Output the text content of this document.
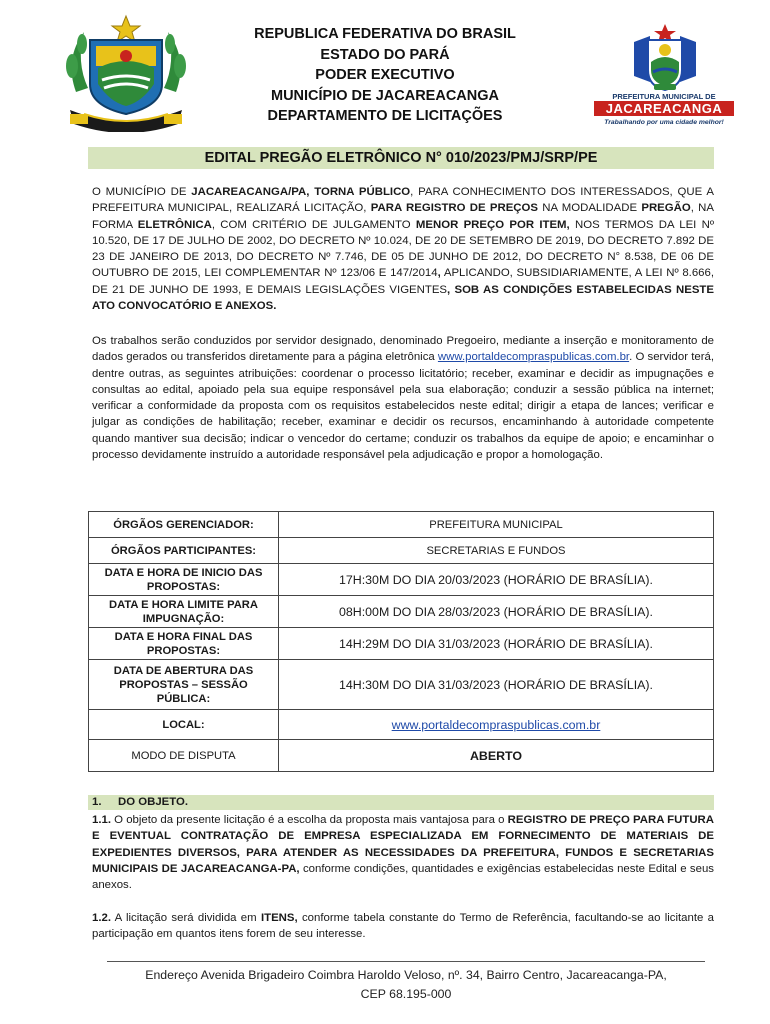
REPUBLICA FEDERATIVA DO BRASIL
ESTADO DO PARÁ
PODER EXECUTIVO
MUNICÍPIO DE JACAREACANGA
DEPARTAMENTO DE LICITAÇÕES
PREFEITURA MUNICIPAL DE
JACAREACANGA
Trabalhando por uma cidade melhor!
EDITAL PREGÃO ELETRÔNICO N° 010/2023/PMJ/SRP/PE
O MUNICÍPIO DE JACAREACANGA/PA, TORNA PÚBLICO, PARA CONHECIMENTO DOS INTERESSADOS, QUE A PREFEITURA MUNICIPAL, REALIZARÁ LICITAÇÃO, PARA REGISTRO DE PREÇOS NA MODALIDADE PREGÃO, NA FORMA ELETRÔNICA, COM CRITÉRIO DE JULGAMENTO MENOR PREÇO POR ITEM, NOS TERMOS DA LEI Nº 10.520, DE 17 DE JULHO DE 2002, DO DECRETO Nº 10.024, DE 20 DE SETEMBRO DE 2019, DO DECRETO 7.892 DE 23 DE JANEIRO DE 2013, DO DECRETO Nº 7.746, DE 05 DE JUNHO DE 2012, DO DECRETO N° 8.538, DE 06 DE OUTUBRO DE 2015, LEI COMPLEMENTAR Nº 123/06 E 147/2014, APLICANDO, SUBSIDIARIAMENTE, A LEI Nº 8.666, DE 21 DE JUNHO DE 1993, E DEMAIS LEGISLAÇÕES VIGENTES, SOB AS CONDIÇÕES ESTABELECIDAS NESTE ATO CONVOCATÓRIO E ANEXOS.
Os trabalhos serão conduzidos por servidor designado, denominado Pregoeiro, mediante a inserção e monitoramento de dados gerados ou transferidos diretamente para a página eletrônica www.portaldecompraspublicas.com.br. O servidor terá, dentre outras, as seguintes atribuições: coordenar o processo licitatório; receber, examinar e decidir as impugnações e consultas ao edital, apoiado pela sua equipe responsável pela sua elaboração; conduzir a sessão pública na internet; verificar a conformidade da proposta com os requisitos estabelecidos neste edital; dirigir a etapa de lances; verificar e julgar as condições de habilitação; receber, examinar e decidir os recursos, encaminhando à autoridade competente quando mantiver sua decisão; indicar o vencedor do certame; conduzir os trabalhos da equipe de apoio; e encaminhar o processo devidamente instruído a autoridade responsável pela adjudicação e propor a homologação.
ÓRGÃOS GERENCIADOR:	PREFEITURA MUNICIPAL
ÓRGÃOS PARTICIPANTES:	SECRETARIAS E FUNDOS
DATA E HORA DE INICIO DAS PROPOSTAS:	17H:30M DO DIA 20/03/2023 (HORÁRIO DE BRASÍLIA).
DATA E HORA LIMITE PARA IMPUGNAÇÃO:	08H:00M DO DIA 28/03/2023 (HORÁRIO DE BRASÍLIA).
DATA E HORA FINAL DAS PROPOSTAS:	14H:29M DO DIA 31/03/2023 (HORÁRIO DE BRASÍLIA).
DATA DE ABERTURA DAS PROPOSTAS – SESSÃO PÚBLICA:	14H:30M DO DIA 31/03/2023 (HORÁRIO DE BRASÍLIA).
LOCAL:	www.portaldecompraspublicas.com.br
MODO DE DISPUTA	ABERTO
1. DO OBJETO.
1.1. O objeto da presente licitação é a escolha da proposta mais vantajosa para o REGISTRO DE PREÇO PARA FUTURA E EVENTUAL CONTRATAÇÃO DE EMPRESA ESPECIALIZADA EM FORNECIMENTO DE MATERIAIS DE EXPEDIENTES DIVERSOS, PARA ATENDER AS NECESSIDADES DA PREFEITURA, FUNDOS E SECRETARIAS MUNICIPAIS DE JACAREACANGA-PA, conforme condições, quantidades e exigências estabelecidas neste Edital e seus anexos.
1.2. A licitação será dividida em ITENS, conforme tabela constante do Termo de Referência, facultando-se ao licitante a participação em quantos itens forem de seu interesse.
Endereço Avenida Brigadeiro Coimbra Haroldo Veloso, nº. 34, Bairro Centro, Jacareacanga-PA,
CEP 68.195-000
